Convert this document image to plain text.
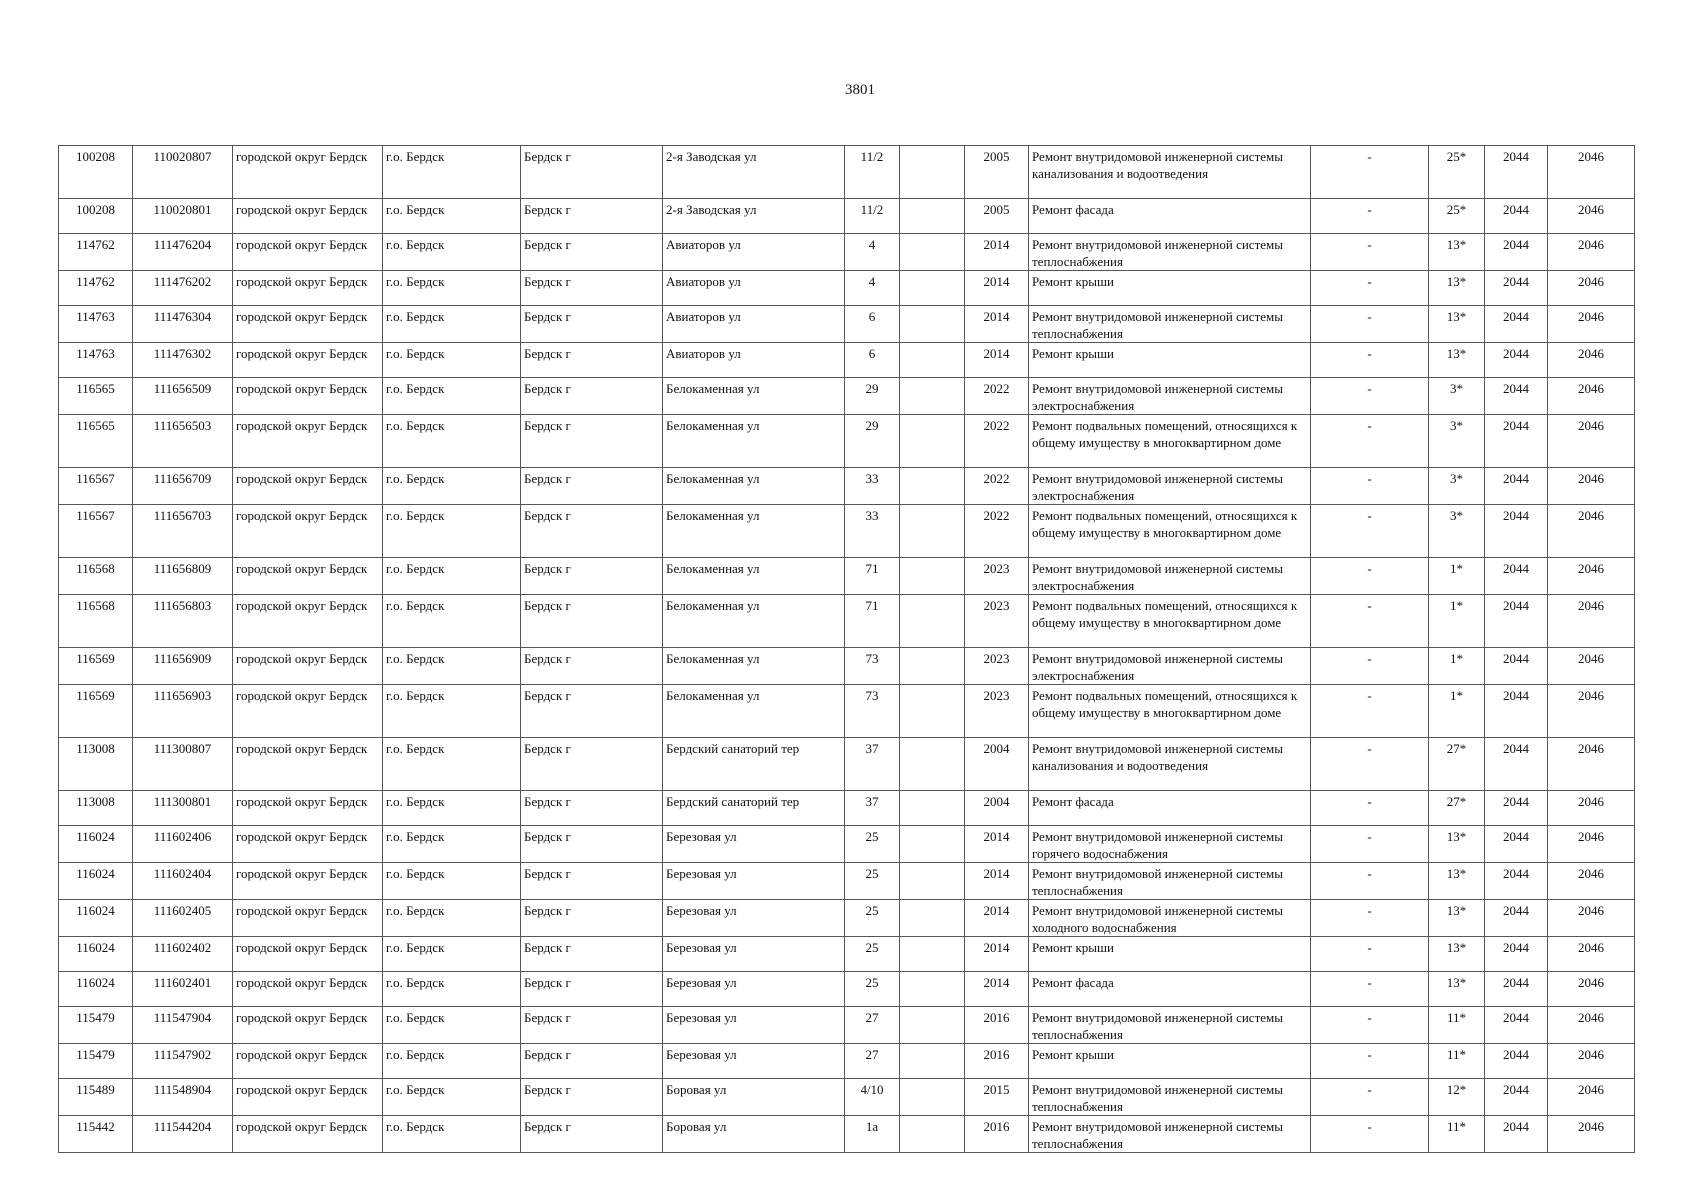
3801
100208	110020807	городской округ Бердск	г.о. Бердск	Бердск г	2-я Заводская ул	11/2		2005	Ремонт внутридомовой инженерной системы канализования и водоотведения	-	25*	2044	2046
100208	110020801	городской округ Бердск	г.о. Бердск	Бердск г	2-я Заводская ул	11/2		2005	Ремонт фасада	-	25*	2044	2046
114762	111476204	городской округ Бердск	г.о. Бердск	Бердск г	Авиаторов ул	4		2014	Ремонт внутридомовой инженерной системы теплоснабжения	-	13*	2044	2046
114762	111476202	городской округ Бердск	г.о. Бердск	Бердск г	Авиаторов ул	4		2014	Ремонт крыши	-	13*	2044	2046
114763	111476304	городской округ Бердск	г.о. Бердск	Бердск г	Авиаторов ул	6		2014	Ремонт внутридомовой инженерной системы теплоснабжения	-	13*	2044	2046
114763	111476302	городской округ Бердск	г.о. Бердск	Бердск г	Авиаторов ул	6		2014	Ремонт крыши	-	13*	2044	2046
116565	111656509	городской округ Бердск	г.о. Бердск	Бердск г	Белокаменная ул	29		2022	Ремонт внутридомовой инженерной системы электроснабжения	-	3*	2044	2046
116565	111656503	городской округ Бердск	г.о. Бердск	Бердск г	Белокаменная ул	29		2022	Ремонт подвальных помещений, относящихся к общему имуществу в многоквартирном доме	-	3*	2044	2046
116567	111656709	городской округ Бердск	г.о. Бердск	Бердск г	Белокаменная ул	33		2022	Ремонт внутридомовой инженерной системы электроснабжения	-	3*	2044	2046
116567	111656703	городской округ Бердск	г.о. Бердск	Бердск г	Белокаменная ул	33		2022	Ремонт подвальных помещений, относящихся к общему имуществу в многоквартирном доме	-	3*	2044	2046
116568	111656809	городской округ Бердск	г.о. Бердск	Бердск г	Белокаменная ул	71		2023	Ремонт внутридомовой инженерной системы электроснабжения	-	1*	2044	2046
116568	111656803	городской округ Бердск	г.о. Бердск	Бердск г	Белокаменная ул	71		2023	Ремонт подвальных помещений, относящихся к общему имуществу в многоквартирном доме	-	1*	2044	2046
116569	111656909	городской округ Бердск	г.о. Бердск	Бердск г	Белокаменная ул	73		2023	Ремонт внутридомовой инженерной системы электроснабжения	-	1*	2044	2046
116569	111656903	городской округ Бердск	г.о. Бердск	Бердск г	Белокаменная ул	73		2023	Ремонт подвальных помещений, относящихся к общему имуществу в многоквартирном доме	-	1*	2044	2046
113008	111300807	городской округ Бердск	г.о. Бердск	Бердск г	Бердский санаторий тер	37		2004	Ремонт внутридомовой инженерной системы канализования и водоотведения	-	27*	2044	2046
113008	111300801	городской округ Бердск	г.о. Бердск	Бердск г	Бердский санаторий тер	37		2004	Ремонт фасада	-	27*	2044	2046
116024	111602406	городской округ Бердск	г.о. Бердск	Бердск г	Березовая ул	25		2014	Ремонт внутридомовой инженерной системы горячего водоснабжения	-	13*	2044	2046
116024	111602404	городской округ Бердск	г.о. Бердск	Бердск г	Березовая ул	25		2014	Ремонт внутридомовой инженерной системы теплоснабжения	-	13*	2044	2046
116024	111602405	городской округ Бердск	г.о. Бердск	Бердск г	Березовая ул	25		2014	Ремонт внутридомовой инженерной системы холодного водоснабжения	-	13*	2044	2046
116024	111602402	городской округ Бердск	г.о. Бердск	Бердск г	Березовая ул	25		2014	Ремонт крыши	-	13*	2044	2046
116024	111602401	городской округ Бердск	г.о. Бердск	Бердск г	Березовая ул	25		2014	Ремонт фасада	-	13*	2044	2046
115479	111547904	городской округ Бердск	г.о. Бердск	Бердск г	Березовая ул	27		2016	Ремонт внутридомовой инженерной системы теплоснабжения	-	11*	2044	2046
115479	111547902	городской округ Бердск	г.о. Бердск	Бердск г	Березовая ул	27		2016	Ремонт крыши	-	11*	2044	2046
115489	111548904	городской округ Бердск	г.о. Бердск	Бердск г	Боровая ул	4/10		2015	Ремонт внутридомовой инженерной системы теплоснабжения	-	12*	2044	2046
115442	111544204	городской округ Бердск	г.о. Бердск	Бердск г	Боровая ул	1а		2016	Ремонт внутридомовой инженерной системы теплоснабжения	-	11*	2044	2046
